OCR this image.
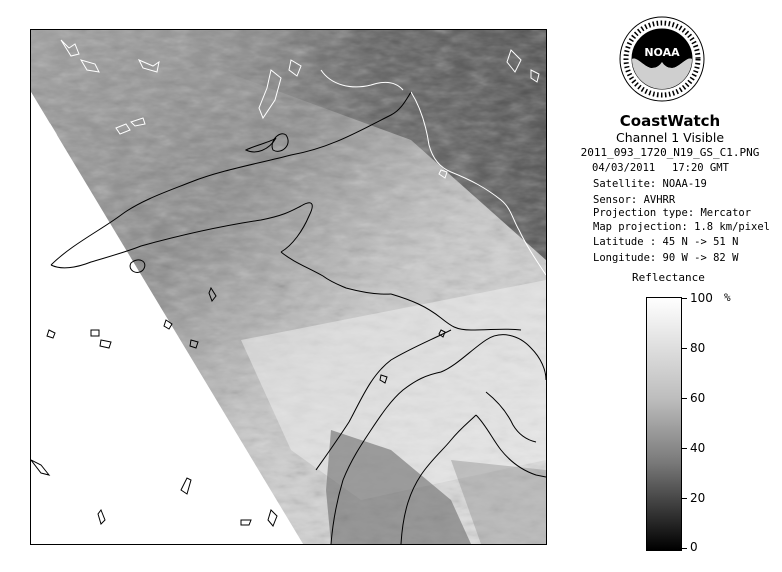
NOAA
CoastWatch
Channel 1 Visible
2011_093_1720_N19_GS_C1.PNG
04/03/2011 17:20 GMT
Satellite: NOAA-19
Sensor: AVHRR
Projection type: Mercator
Map projection: 1.8 km/pixel
Latitude : 45 N -> 51 N
Longitude: 90 W -> 82 W
Reflectance
%
100
80
60
40
20
0
